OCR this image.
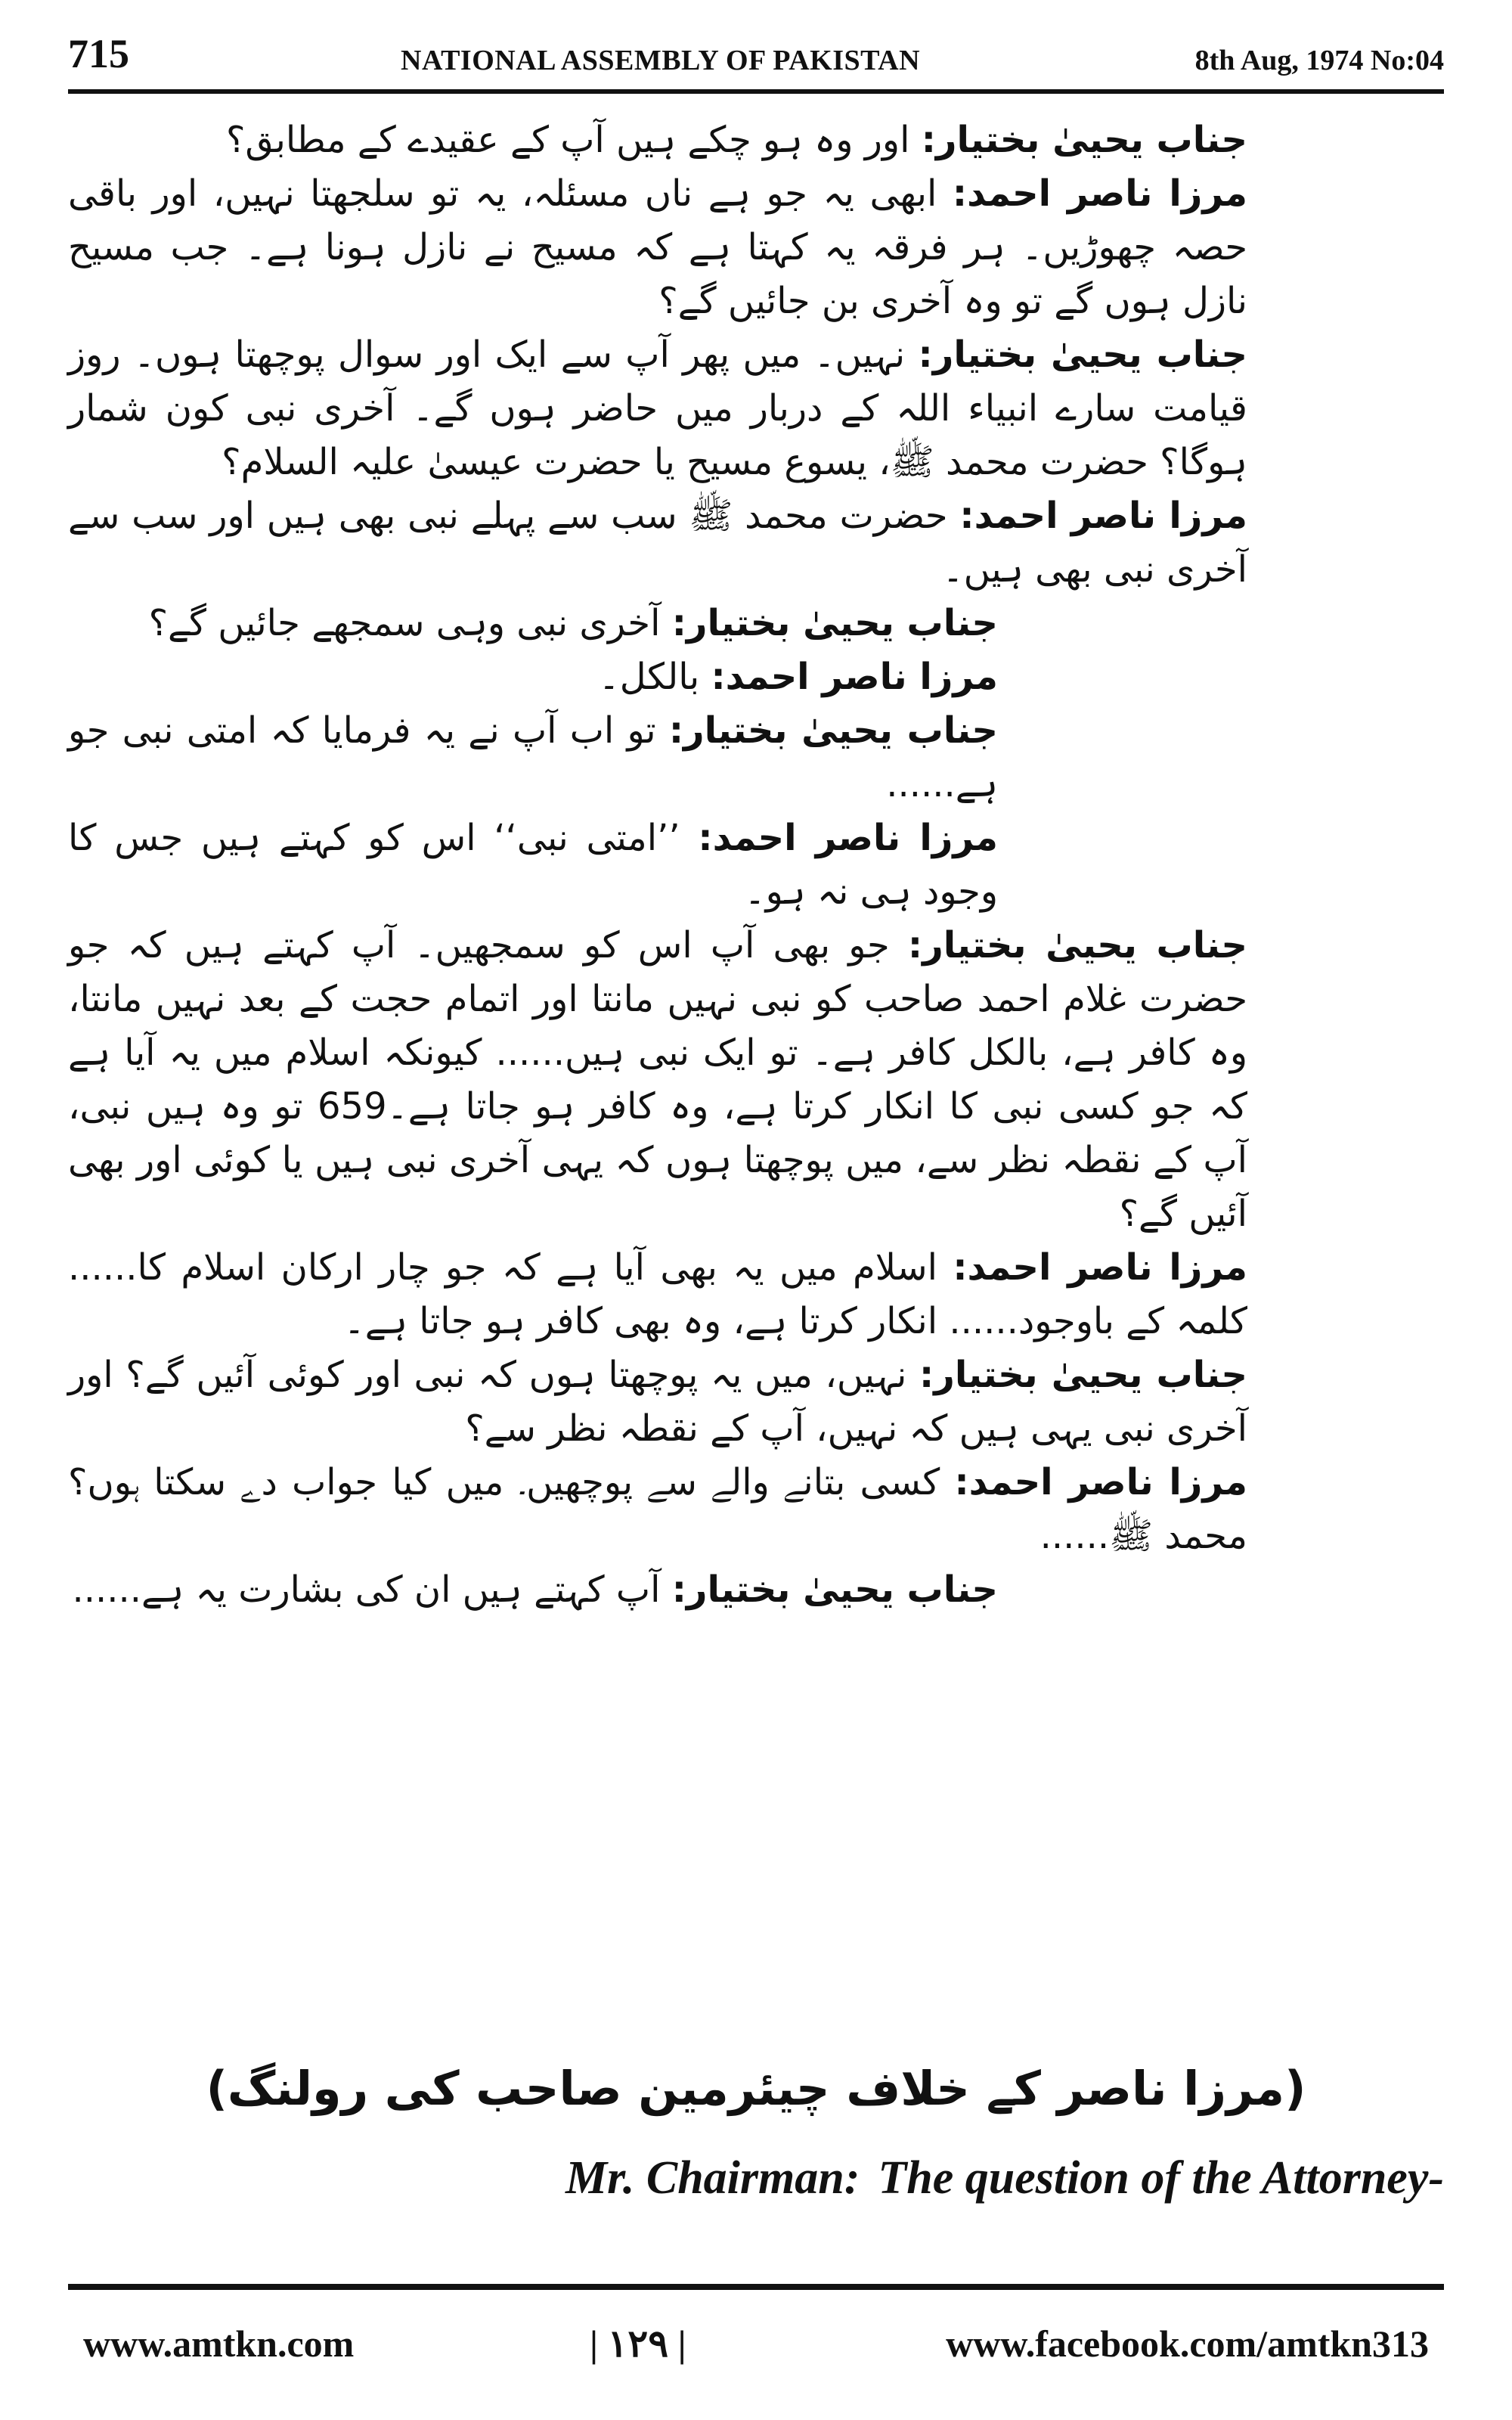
715	NATIONAL ASSEMBLY OF PAKISTAN	8th Aug, 1974 No:04

جناب یحییٰ بختیار: اور وہ ہو چکے ہیں آپ کے عقیدے کے مطابق؟

مرزا ناصر احمد: ابھی یہ جو ہے ناں مسئلہ، یہ تو سلجھتا نہیں، اور باقی حصہ چھوڑیں۔ ہر فرقہ یہ کہتا ہے کہ مسیح نے نازل ہونا ہے۔ جب مسیح نازل ہوں گے تو وہ آخری بن جائیں گے؟

جناب یحییٰ بختیار: نہیں۔ میں پھر آپ سے ایک اور سوال پوچھتا ہوں۔ روز قیامت سارے انبیاء اللہ کے دربار میں حاضر ہوں گے۔ آخری نبی کون شمار ہوگا؟ حضرت محمد ﷺ، یسوع مسیح یا حضرت عیسیٰ علیہ السلام؟

مرزا ناصر احمد: حضرت محمد ﷺ سب سے پہلے نبی بھی ہیں اور سب سے آخری نبی بھی ہیں۔

جناب یحییٰ بختیار: آخری نبی وہی سمجھے جائیں گے؟

مرزا ناصر احمد: بالکل۔

جناب یحییٰ بختیار: تو اب آپ نے یہ فرمایا کہ امتی نبی جو ہے......

مرزا ناصر احمد: ’’امتی نبی‘‘ اس کو کہتے ہیں جس کا وجود ہی نہ ہو۔

جناب یحییٰ بختیار: جو بھی آپ اس کو سمجھیں۔ آپ کہتے ہیں کہ جو حضرت غلام احمد صاحب کو نبی نہیں مانتا اور اتمام حجت کے بعد نہیں مانتا، وہ کافر ہے، بالکل کافر ہے۔ تو ایک نبی ہیں...... کیونکہ اسلام میں یہ آیا ہے کہ جو کسی نبی کا انکار کرتا ہے، وہ کافر ہو جاتا ہے۔659 تو وہ ہیں نبی، آپ کے نقطہ نظر سے، میں پوچھتا ہوں کہ یہی آخری نبی ہیں یا کوئی اور بھی آئیں گے؟

مرزا ناصر احمد: اسلام میں یہ بھی آیا ہے کہ جو چار ارکان اسلام کا...... کلمہ کے باوجود...... انکار کرتا ہے، وہ بھی کافر ہو جاتا ہے۔

جناب یحییٰ بختیار: نہیں، میں یہ پوچھتا ہوں کہ نبی اور کوئی آئیں گے؟ اور آخری نبی یہی ہیں کہ نہیں، آپ کے نقطہ نظر سے؟

مرزا ناصر احمد: کسی بتانے والے سے پوچھیں۔ میں کیا جواب دے سکتا ہوں؟ محمد ﷺ......

جناب یحییٰ بختیار: آپ کہتے ہیں ان کی بشارت یہ ہے......

(مرزا ناصر کے خلاف چیئرمین صاحب کی رولنگ)
Mr. Chairman: The question of the Attorney-
www.amtkn.com	| ۱۲۹ |	www.facebook.com/amtkn313
